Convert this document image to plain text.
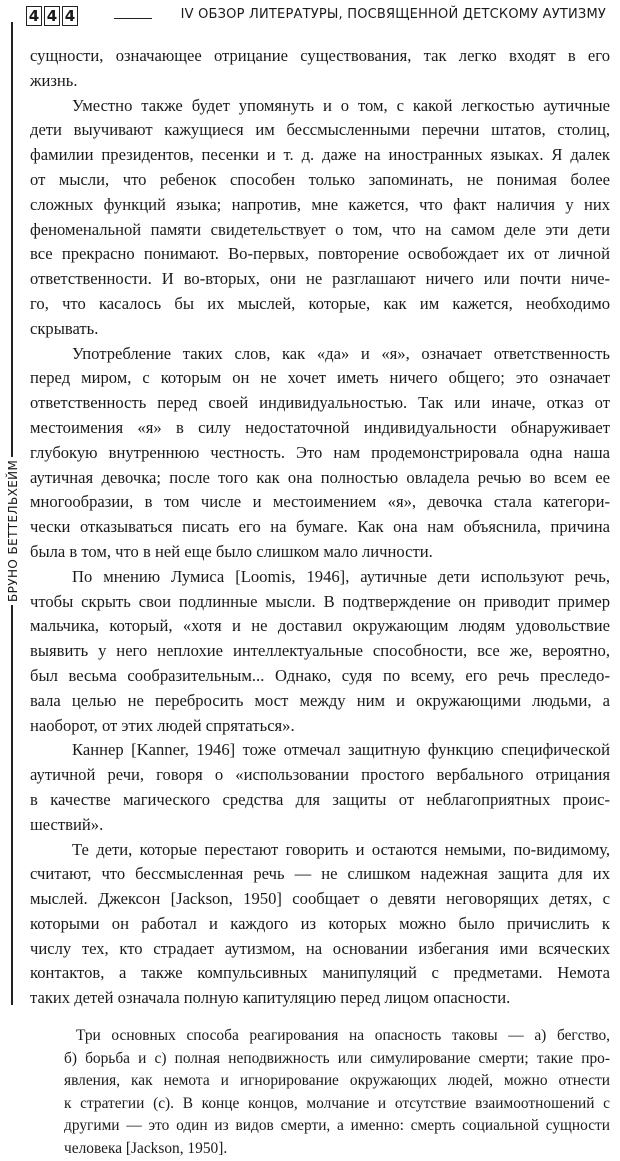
4 4 4	IV ОБЗОР ЛИТЕРАТУРЫ, ПОСВЯЩЕННОЙ ДЕТСКОМУ АУТИЗМУ
БРУНО БЕТТЕЛЬХЕЙМ
сущности, означающее отрицание существования, так легко входят в его
жизнь.
Уместно также будет упомянуть и о том, с какой легкостью аутичные
дети выучивают кажущиеся им бессмысленными перечни штатов, столиц,
фамилии президентов, песенки и т. д. даже на иностранных языках. Я далек
от мысли, что ребенок способен только запоминать, не понимая более
сложных функций языка; напротив, мне кажется, что факт наличия у них
феноменальной памяти свидетельствует о том, что на самом деле эти дети
все прекрасно понимают. Во-первых, повторение освобождает их от личной
ответственности. И во-вторых, они не разглашают ничего или почти ниче-
го, что касалось бы их мыслей, которые, как им кажется, необходимо
скрывать.
Употребление таких слов, как «да» и «я», означает ответственность
перед миром, с которым он не хочет иметь ничего общего; это означает
ответственность перед своей индивидуальностью. Так или иначе, отказ от
местоимения «я» в силу недостаточной индивидуальности обнаруживает
глубокую внутреннюю честность. Это нам продемонстрировала одна наша
аутичная девочка; после того как она полностью овладела речью во всем ее
многообразии, в том числе и местоимением «я», девочка стала категори-
чески отказываться писать его на бумаге. Как она нам объяснила, причина
была в том, что в ней еще было слишком мало личности.
По мнению Лумиса [Loomis, 1946], аутичные дети используют речь,
чтобы скрыть свои подлинные мысли. В подтверждение он приводит пример
мальчика, который, «хотя и не доставил окружающим людям удовольствие
выявить у него неплохие интеллектуальные способности, все же, вероятно,
был весьма сообразительным... Однако, судя по всему, его речь преследо-
вала целью не перебросить мост между ним и окружающими людьми, а
наоборот, от этих людей спрятаться».
Каннер [Kanner, 1946] тоже отмечал защитную функцию специфической
аутичной речи, говоря о «использовании простого вербального отрицания
в качестве магического средства для защиты от неблагоприятных проис-
шествий».
Те дети, которые перестают говорить и остаются немыми, по-видимому,
считают, что бессмысленная речь — не слишком надежная защита для их
мыслей. Джексон [Jackson, 1950] сообщает о девяти неговорящих детях, с
которыми он работал и каждого из которых можно было причислить к
числу тех, кто страдает аутизмом, на основании избегания ими всяческих
контактов, а также компульсивных манипуляций с предметами. Немота
таких детей означала полную капитуляцию перед лицом опасности.
Три основных способа реагирования на опасность таковы — а) бегство,
б) борьба и с) полная неподвижность или симулирование смерти; такие про-
явления, как немота и игнорирование окружающих людей, можно отнести
к стратегии (с). В конце концов, молчание и отсутствие взаимоотношений с
другими — это один из видов смерти, а именно: смерть социальной сущности
человека [Jackson, 1950].
